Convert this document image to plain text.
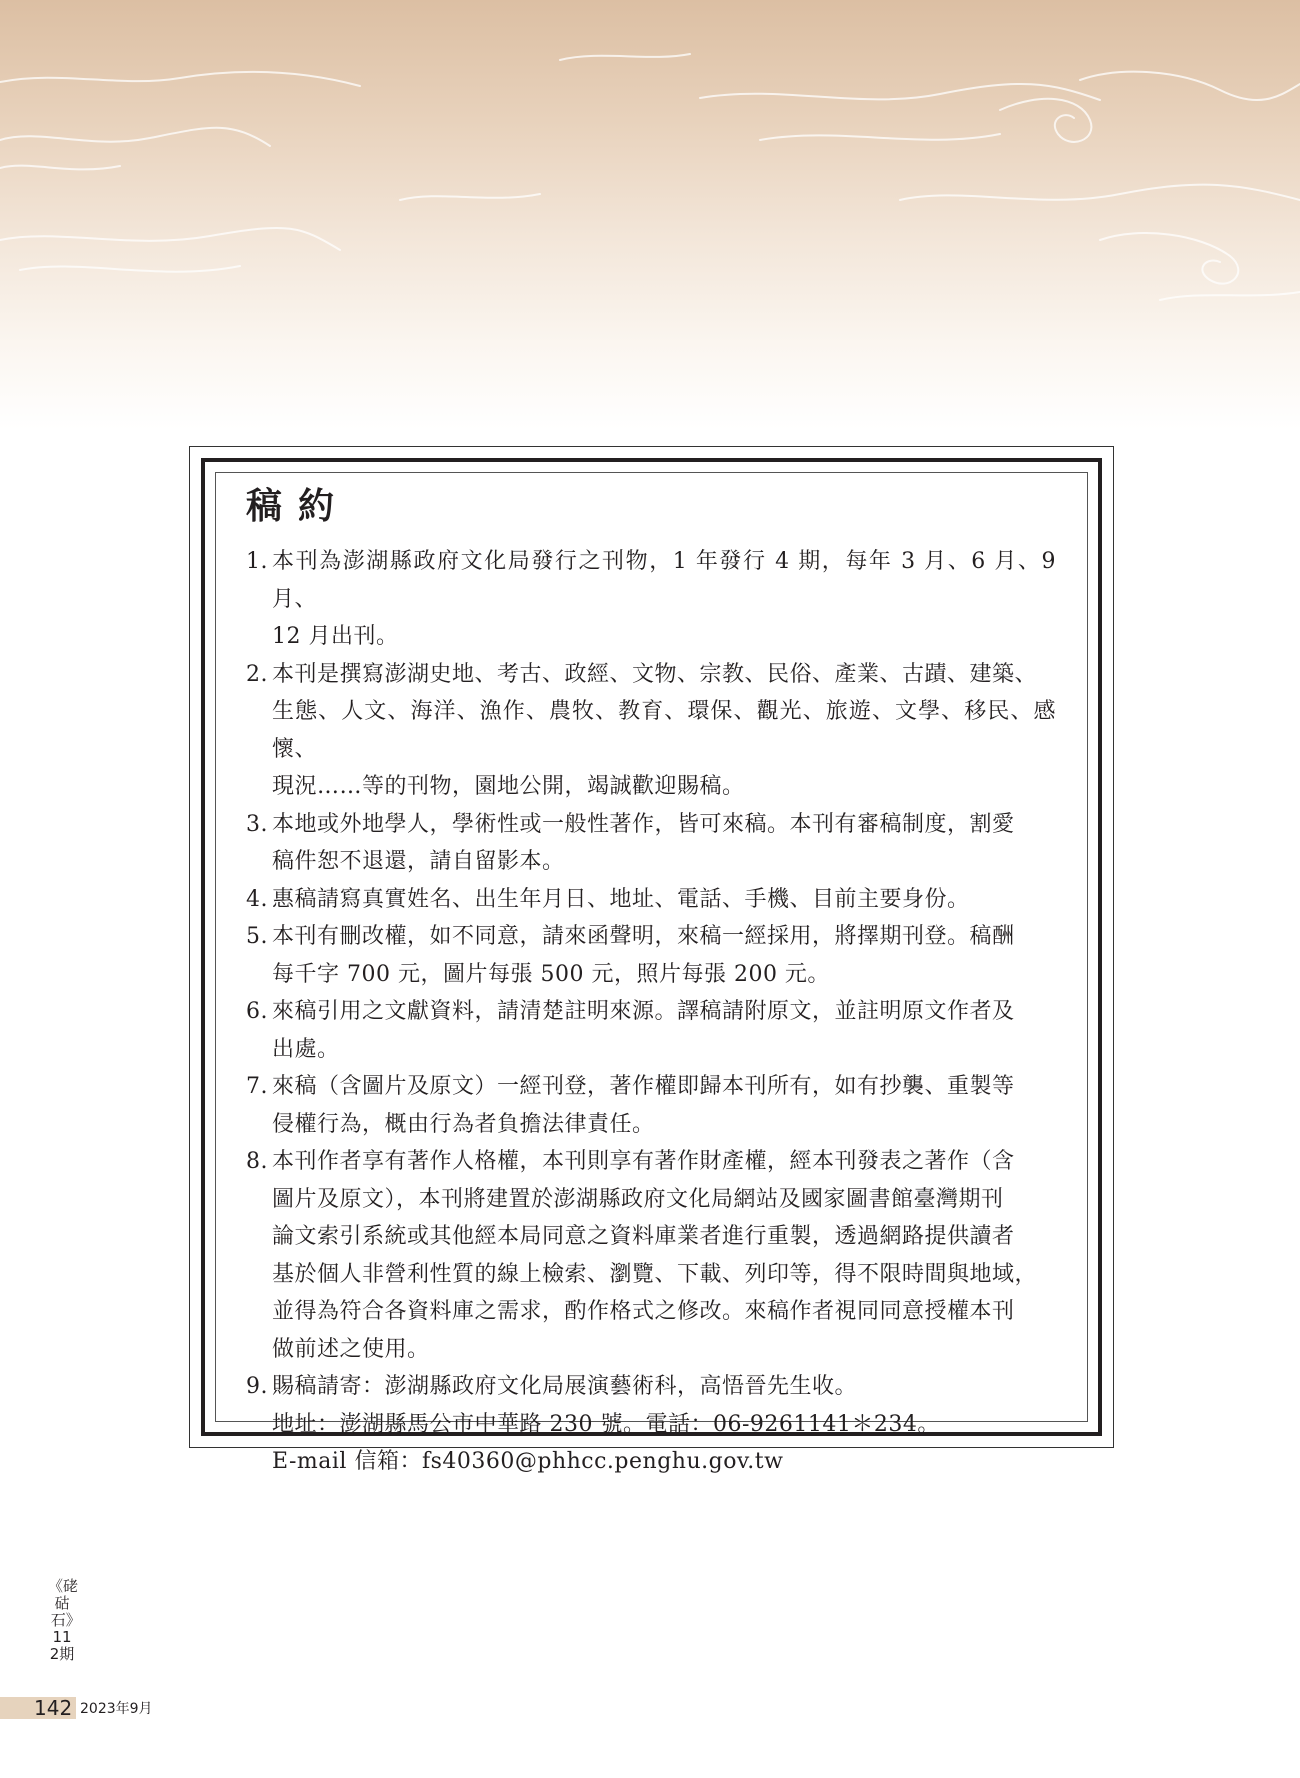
稿 約
1. 本刊為澎湖縣政府文化局發行之刊物，1 年發行 4 期，每年 3 月、6 月、9 月、
12 月出刊。
2. 本刊是撰寫澎湖史地、考古、政經、文物、宗教、民俗、產業、古蹟、建築、
生態、人文、海洋、漁作、農牧、教育、環保、觀光、旅遊、文學、移民、感懷、
現況……等的刊物，園地公開，竭誠歡迎賜稿。
3. 本地或外地學人，學術性或一般性著作，皆可來稿。本刊有審稿制度，割愛
稿件恕不退還，請自留影本。
4. 惠稿請寫真實姓名、出生年月日、地址、電話、手機、目前主要身份。
5. 本刊有刪改權，如不同意，請來函聲明，來稿一經採用，將擇期刊登。稿酬
每千字 700 元，圖片每張 500 元，照片每張 200 元。
6. 來稿引用之文獻資料，請清楚註明來源。譯稿請附原文，並註明原文作者及
出處。
7. 來稿（含圖片及原文）一經刊登，著作權即歸本刊所有，如有抄襲、重製等
侵權行為，概由行為者負擔法律責任。
8. 本刊作者享有著作人格權，本刊則享有著作財產權，經本刊發表之著作（含
圖片及原文），本刊將建置於澎湖縣政府文化局網站及國家圖書館臺灣期刊
論文索引系統或其他經本局同意之資料庫業者進行重製，透過網路提供讀者
基於個人非營利性質的線上檢索、瀏覽、下載、列印等，得不限時間與地域，
並得為符合各資料庫之需求，酌作格式之修改。來稿作者視同同意授權本刊
做前述之使用。
9. 賜稿請寄：澎湖縣政府文化局展演藝術科，高悟晉先生收。
地址：澎湖縣馬公市中華路 230 號。電話：06-9261141＊234。
E-mail 信箱：fs40360@phhcc.penghu.gov.tw
《硓𥑮石》112期
142 2023年9月
